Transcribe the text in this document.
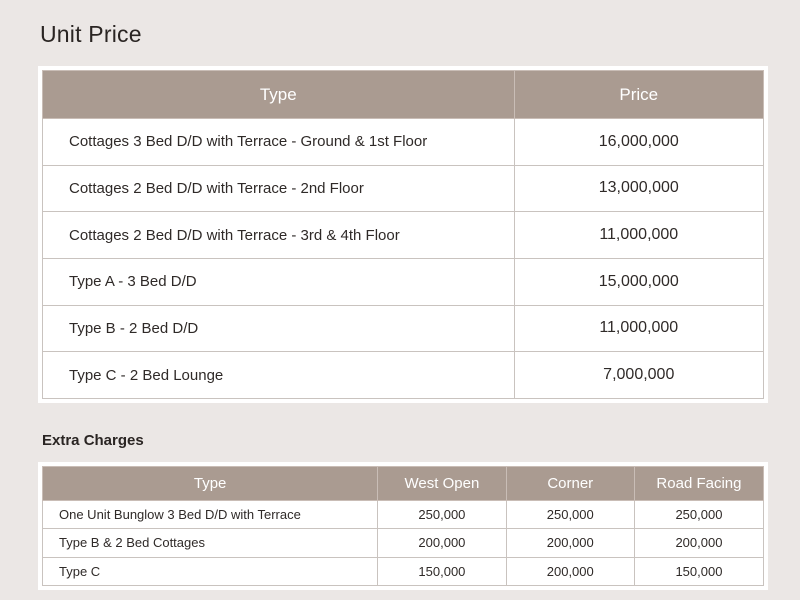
Unit Price
Type	Price
Cottages 3 Bed D/D with Terrace - Ground & 1st Floor	16,000,000
Cottages 2 Bed D/D with Terrace - 2nd Floor	13,000,000
Cottages 2 Bed D/D with Terrace - 3rd & 4th Floor	11,000,000
Type A - 3 Bed D/D	15,000,000
Type B - 2 Bed D/D	11,000,000
Type C - 2 Bed Lounge	7,000,000
Extra Charges
Type	West Open	Corner	Road Facing
One Unit Bunglow 3 Bed D/D with Terrace	250,000	250,000	250,000
Type B & 2 Bed Cottages	200,000	200,000	200,000
Type C	150,000	200,000	150,000
